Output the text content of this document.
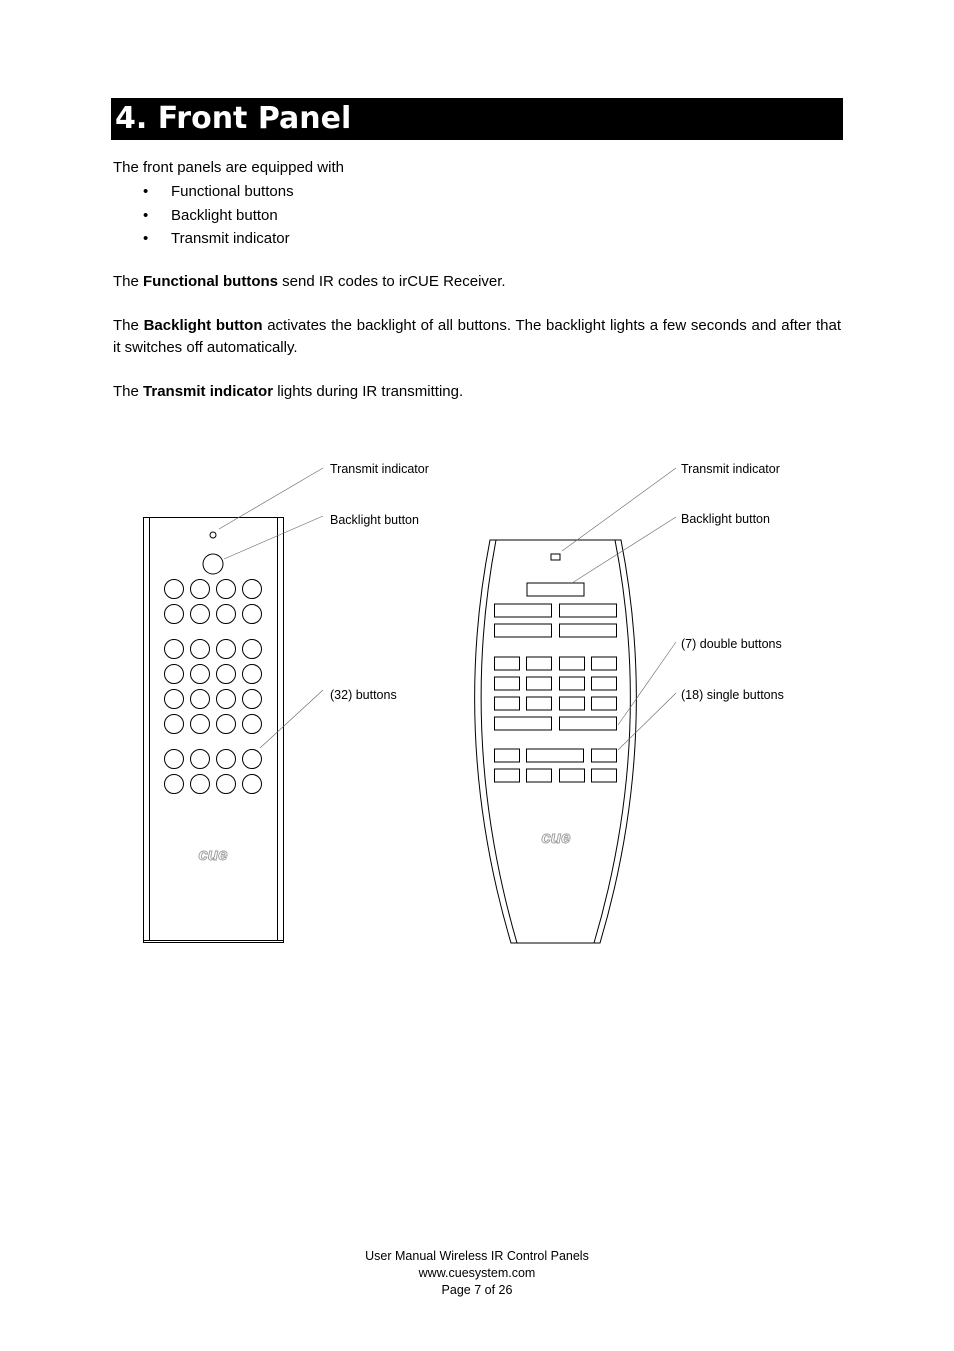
4. Front Panel
The front panels are equipped with
• Functional buttons
• Backlight button
• Transmit indicator
The Functional buttons send IR codes to irCUE Receiver.
The Backlight button activates the backlight of all buttons. The backlight lights a few seconds and after that it switches off automatically.
The Transmit indicator lights during IR transmitting.
cue
Transmit indicator
Backlight button
(32) buttons
cue
Transmit indicator
Backlight button
(7) double buttons
(18) single buttons
User Manual Wireless IR Control Panels
www.cuesystem.com
Page 7 of 26
